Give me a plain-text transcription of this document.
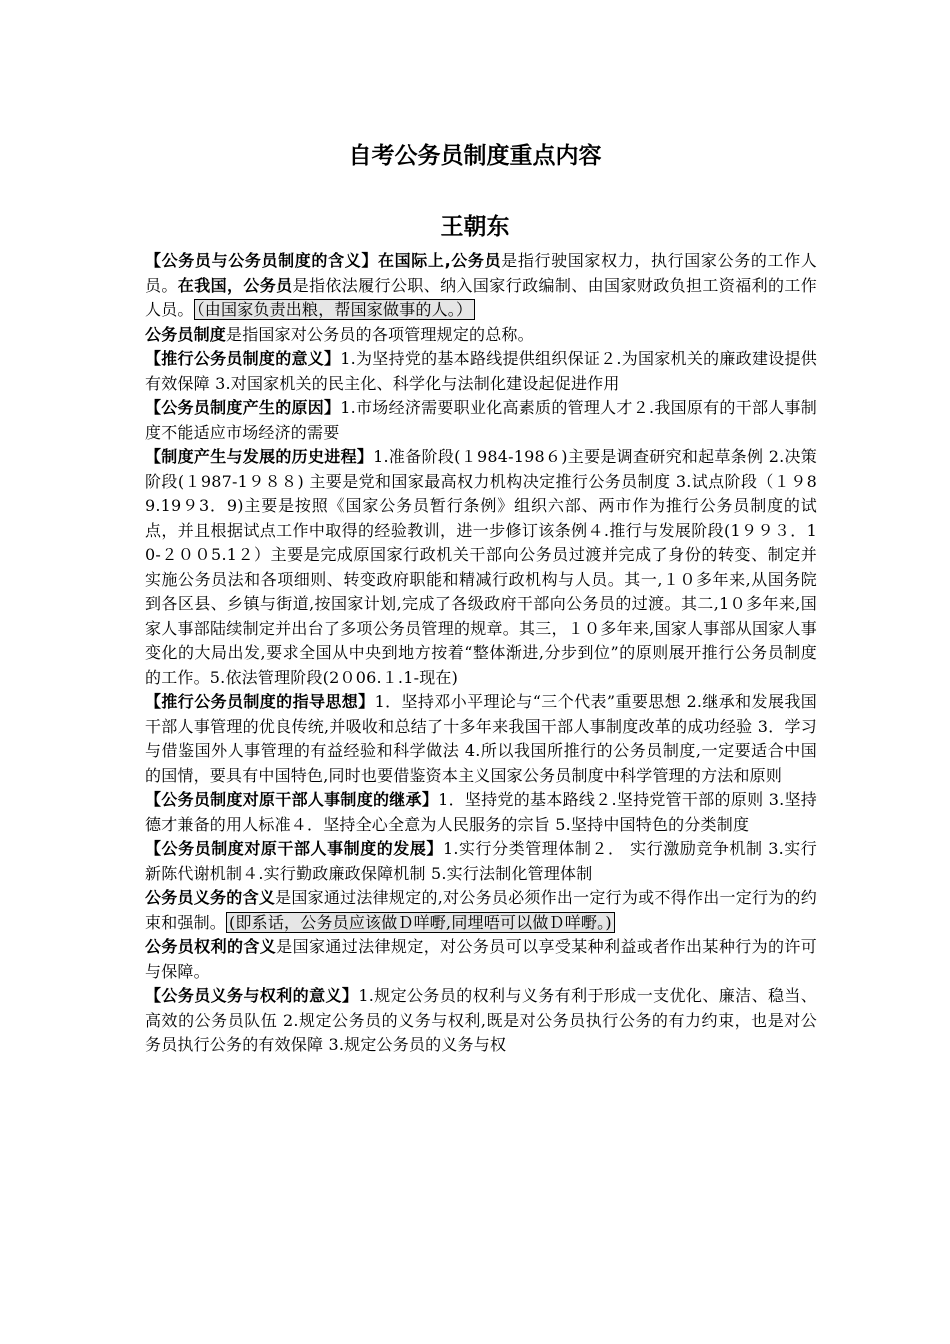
自考公务员制度重点内容
王朝东

【公务员与公务员制度的含义】在国际上,公务员是指行驶国家权力，执行国家公务的工作人员。在我国，公务员是指依法履行公职、纳入国家行政编制、由国家财政负担工资福利的工作人员。 （由国家负责出粮，帮国家做事的人。）

公务员制度是指国家对公务员的各项管理规定的总称。

【推行公务员制度的意义】1.为坚持党的基本路线提供组织保证２.为国家机关的廉政建设提供有效保障 3.对国家机关的民主化、科学化与法制化建设起促进作用

【公务员制度产生的原因】1.市场经济需要职业化高素质的管理人才２.我国原有的干部人事制度不能适应市场经济的需要

【制度产生与发展的历史进程】1.准备阶段(１984-198６)主要是调查研究和起草条例 2.决策阶段(１987-1９８８) 主要是党和国家最高权力机构决定推行公务员制度 3.试点阶段（１９89.19９3．9)主要是按照《国家公务员暂行条例》组织六部、两市作为推行公务员制度的试点，并且根据试点工作中取得的经验教训，进一步修订该条例４.推行与发展阶段(1９９３．10-２００5.1２）主要是完成原国家行政机关干部向公务员过渡并完成了身份的转变、制定并实施公务员法和各项细则、转变政府职能和精减行政机构与人员。其一,１０多年来,从国务院到各区县、乡镇与街道,按国家计划,完成了各级政府干部向公务员的过渡。其二,1０多年来,国家人事部陆续制定并出台了多项公务员管理的规章。其三，１０多年来,国家人事部从国家人事变化的大局出发,要求全国从中央到地方按着“整体渐进,分步到位”的原则展开推行公务员制度的工作。5.依法管理阶段(2０06.１.1-现在)

【推行公务员制度的指导思想】1．坚持邓小平理论与“三个代表”重要思想 2.继承和发展我国干部人事管理的优良传统,并吸收和总结了十多年来我国干部人事制度改革的成功经验 3．学习与借鉴国外人事管理的有益经验和科学做法 4.所以我国所推行的公务员制度,一定要适合中国的国情，要具有中国特色,同时也要借鉴资本主义国家公务员制度中科学管理的方法和原则

【公务员制度对原干部人事制度的继承】1．坚持党的基本路线２.坚持党管干部的原则 3.坚持德才兼备的用人标准４．坚持全心全意为人民服务的宗旨 5.坚持中国特色的分类制度

【公务员制度对原干部人事制度的发展】1.实行分类管理体制２． 实行激励竞争机制 3.实行新陈代谢机制４.实行勤政廉政保障机制 5.实行法制化管理体制

公务员义务的含义是国家通过法律规定的,对公务员必须作出一定行为或不得作出一定行为的约束和强制。 (即系话，公务员应该做Ｄ咩嘢,同埋唔可以做Ｄ咩嘢。)

公务员权利的含义是国家通过法律规定，对公务员可以享受某种利益或者作出某种行为的许可与保障。

【公务员义务与权利的意义】1.规定公务员的权利与义务有利于形成一支优化、廉洁、稳当、高效的公务员队伍 2.规定公务员的义务与权利,既是对公务员执行公务的有力约束，也是对公务员执行公务的有效保障 3.规定公务员的义务与权
